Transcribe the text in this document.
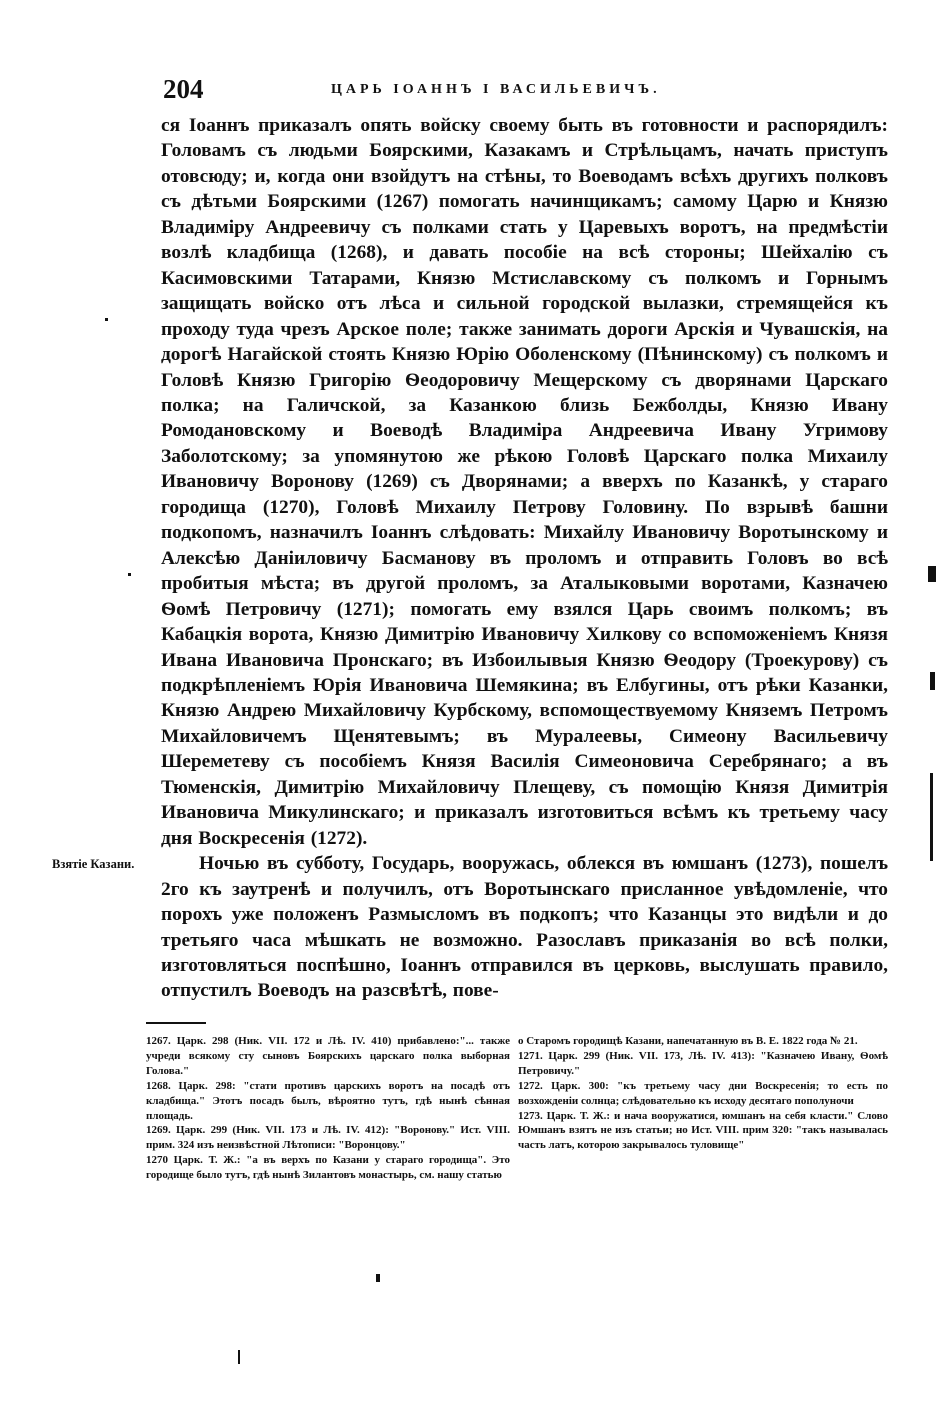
204	ЦАРЬ ІОАННЪ І ВАСИЛЬЕВИЧЪ.

ся Іоаннъ приказалъ опять войску своему быть въ готовности и распорядилъ: Головамъ съ людьми Боярскими, Казакамъ и Стрѣльцамъ, начать приступъ отовсюду; и, когда они взойдутъ на стѣны, то Воеводамъ всѣхъ другихъ полковъ съ дѣтьми Боярскими (1267) помогать начинщикамъ; самому Царю и Князю Владиміру Андреевичу съ полками стать у Царевыхъ воротъ, на предмѣстіи возлѣ кладбища (1268), и давать пособіе на всѣ стороны; Шейхалію съ Касимовскими Татарами, Князю Мстиславскому съ полкомъ и Горнымъ защищать войско отъ лѣса и сильной городской вылазки, стремящейся къ проходу туда чрезъ Арское поле; также занимать дороги Арскія и Чувашскія, на дорогѣ Нагайской стоять Князю Юрію Оболенскому (Пѣнинскому) съ полкомъ и Головѣ Князю Григорію Ѳеодоровичу Мещерскому съ дворянами Царскаго полка; на Галичской, за Казанкою близь Бежболды, Князю Ивану Ромодановскому и Воеводѣ Владиміра Андреевича Ивану Угримову Заболотскому; за упомянутою же рѣкою Головѣ Царскаго полка Михаилу Ивановичу Воронову (1269) съ Дворянами; а вверхъ по Казанкѣ, у стараго городища (1270), Головѣ Михаилу Петрову Головину. По взрывѣ башни подкопомъ, назначилъ Іоаннъ слѣдовать: Михайлу Ивановичу Воротынскому и Алексѣю Даніиловичу Басманову въ проломъ и отправить Головъ во всѣ пробитыя мѣста; въ другой проломъ, за Аталыковыми воротами, Казначею Ѳомѣ Петровичу (1271); помогать ему взялся Царь своимъ полкомъ; въ Кабацкія ворота, Князю Димитрію Ивановичу Хилкову со вспоможеніемъ Князя Ивана Ивановича Пронскаго; въ Избоилывыя Князю Ѳеодору (Троекурову) съ подкрѣпленіемъ Юрія Ивановича Шемякина; въ Елбугины, отъ рѣки Казанки, Князю Андрею Михайловичу Курбскому, вспомоществуемому Княземъ Петромъ Михайловичемъ Щенятевымъ; въ Муралеевы, Симеону Васильевичу Шереметеву съ пособіемъ Князя Василія Симеоновича Серебрянаго; а въ Тюменскія, Димитрію Михайловичу Плещеву, съ помощію Князя Димитрія Ивановича Микулинскаго; и приказалъ изготовиться всѣмъ къ третьему часу дня Воскресенія (1272).

Ночью въ субботу, Государь, вооружась, облекся въ юмшанъ (1273), пошелъ 2го къ заутренѣ и получилъ, отъ Воротынскаго присланное увѣдомленіе, что порохъ уже положенъ Размысломъ въ подкопъ; что Казанцы это видѣли и до третьяго часа мѣшкать не возможно. Разославъ приказанія во всѣ полки, изготовляться поспѣшно, Іоаннъ отправился въ церковь, выслушать правило, отпустилъ Воеводъ на разсвѣтѣ, пове-

Взятіе Казани.

1267. Царк. 298 (Ник. VII. 172 и Лѣ. IV. 410) прибавлено:"... также учреди всякому сту сыновъ Боярскихъ царскаго полка выборная Голова."

1268. Царк. 298: "стати противъ царскихъ воротъ на посадѣ отъ кладбища." Этотъ посадъ былъ, вѣроятно тутъ, гдѣ нынѣ сѣнная площадь.

1269. Царк. 299 (Ник. VII. 173 и Лѣ. IV. 412): "Воронову." Ист. VIII. прим. 324 изъ неизвѣстной Лѣтописи: "Воронцову."

1270 Царк. Т. Ж.: "а въ верхъ по Казани у стараго городища". Это городище было тутъ, гдѣ нынѣ Зилантовъ монастырь, см. нашу статью

о Старомъ городищѣ Казани, напечатанную въ В. Е. 1822 года № 21.

1271. Царк. 299 (Ник. VII. 173, Лѣ. IV. 413): "Казначею Ивану, Ѳомѣ Петровичу."

1272. Царк. 300: "къ третьему часу дни Воскресенія; то есть по возхожденіи солнца; слѣдовательно къ исходу десятаго пополуночи

1273. Царк. Т. Ж.: и нача вооружатися, юмшанъ на себя класти." Слово Юмшанъ взятъ не изъ статьи; но Ист. VIII. прим 320: "такъ называлась часть латъ, которою закрывалось туловище"
